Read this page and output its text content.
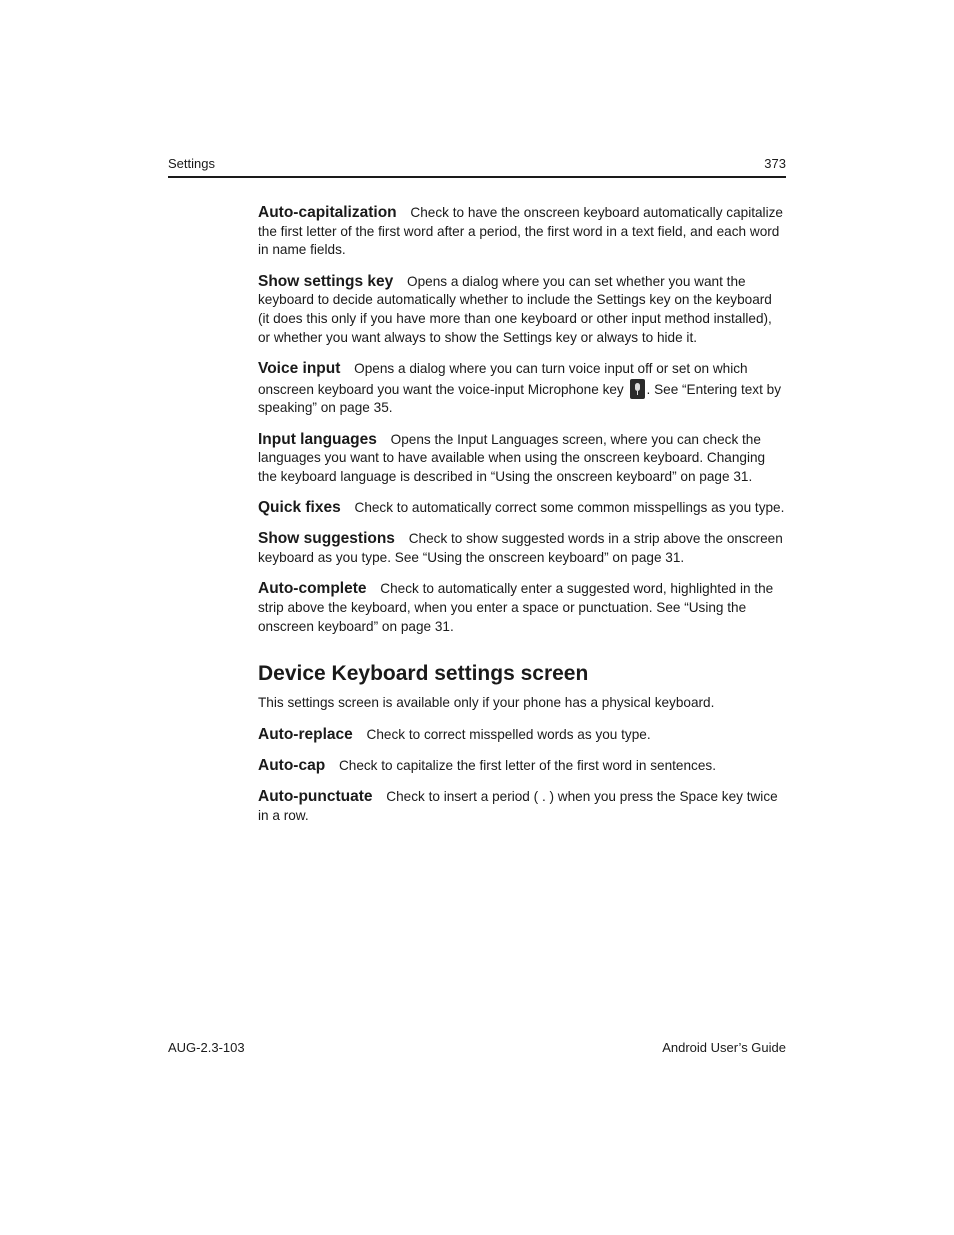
Settings	373

Auto-capitalization Check to have the onscreen keyboard automatically capitalize the first letter of the first word after a period, the first word in a text field, and each word in name fields.

Show settings key Opens a dialog where you can set whether you want the keyboard to decide automatically whether to include the Settings key on the keyboard (it does this only if you have more than one keyboard or other input method installed), or whether you want always to show the Settings key or always to hide it.

Voice input Opens a dialog where you can turn voice input off or set on which onscreen keyboard you want the voice-input Microphone key . See “Entering text by speaking” on page 35.

Input languages Opens the Input Languages screen, where you can check the languages you want to have available when using the onscreen keyboard. Changing the keyboard language is described in “Using the onscreen keyboard” on page 31.

Quick fixes Check to automatically correct some common misspellings as you type.

Show suggestions Check to show suggested words in a strip above the onscreen keyboard as you type. See “Using the onscreen keyboard” on page 31.

Auto-complete Check to automatically enter a suggested word, highlighted in the strip above the keyboard, when you enter a space or punctuation. See “Using the onscreen keyboard” on page 31.

Device Keyboard settings screen

This settings screen is available only if your phone has a physical keyboard.

Auto-replace Check to correct misspelled words as you type.

Auto-cap Check to capitalize the first letter of the first word in sentences.

Auto-punctuate Check to insert a period ( . ) when you press the Space key twice in a row.

AUG-2.3-103	Android User’s Guide
